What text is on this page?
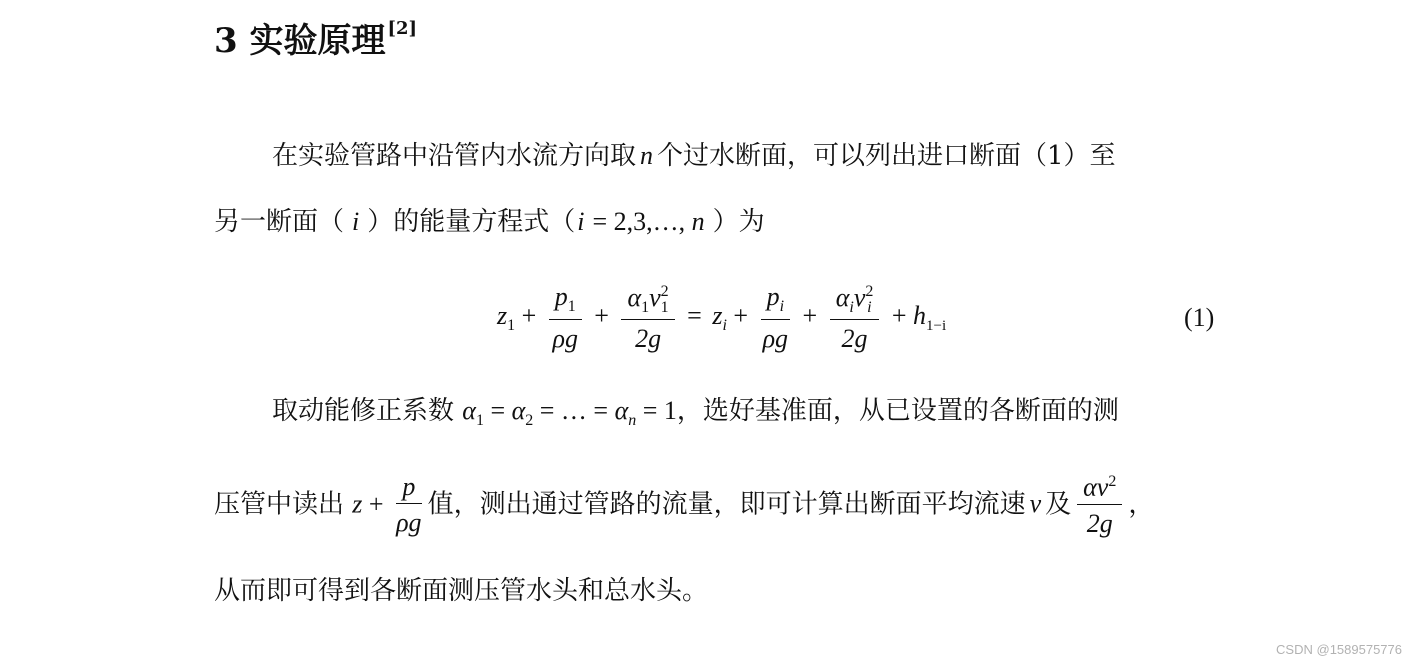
3 实验原理 [2]
在实验管路中沿管内水流方向取 n 个过水断面，可以列出进口断面（1）至
另一断面（ i ）的能量方程式（i = 2,3,…, n ）为
$z_1 + \frac{p_1}{\rho g} + \alpha_1v$ 2
1
$2g = z_i + \frac{p_i}{\rho g} + \alpha_iv$ 2
i
$2g + h_{1-i}$	(1)
取动能修正系数 $\alpha_1 = \alpha_2$ = … = $\alpha_n = 1$，选好基准面，从已设置的各断面的测
压管中读出 $z + \frac{p}{\rho g}$ 值，测出通过管路的流量，即可计算出断面平均流速 v 及 $\frac{\alpha v^2}{2g}$ ，
从而即可得到各断面测压管水头和总水头。
CSDN @1589575776
